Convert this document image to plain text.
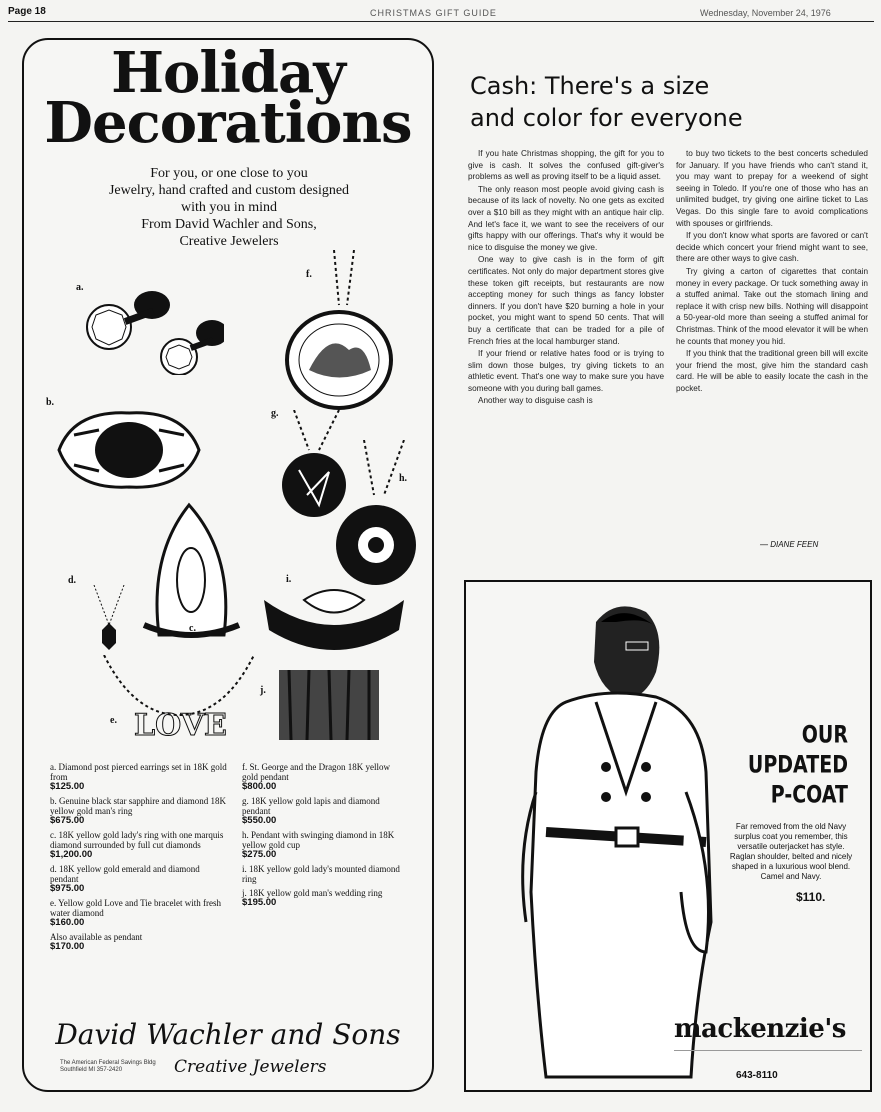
Page 18	CHRISTMAS GIFT GUIDE	Wednesday, November 24, 1976
Holiday
Decorations
For you, or one close to you
Jewelry, hand crafted and custom designed
with you in mind
From David Wachler and Sons,
Creative Jewelers
LOVE
a.
b.
c.
d.
e.
f.
g.
h.
i.
j.
a. Diamond post pierced earrings set in 18K gold from
$125.00
b. Genuine black star sapphire and diamond 18K yellow gold man's ring
$675.00
c. 18K yellow gold lady's ring with one marquis diamond surrounded by full cut diamonds
$1,200.00
d. 18K yellow gold emerald and diamond pendant
$975.00
e. Yellow gold Love and Tie bracelet with fresh water diamond
$160.00
Also available as pendant
$170.00
f. St. George and the Dragon 18K yellow gold pendant
$800.00
g. 18K yellow gold lapis and diamond pendant
$550.00
h. Pendant with swinging diamond in 18K yellow gold cup
$275.00
i. 18K yellow gold lady's mounted diamond ring
j. 18K yellow gold man's wedding ring
$195.00
David Wachler and Sons
Creative Jewelers
The American Federal Savings Bldg Southfield MI 357-2420
Cash: There's a size
and color for everyone

If you hate Christmas shopping, the gift for you to give is cash. It solves the confused gift-giver's problems as well as proving itself to be a liquid asset.

The only reason most people avoid giving cash is because of its lack of novelty. No one gets as excited over a $10 bill as they might with an antique hair clip. And let's face it, we want to see the receivers of our gifts happy with our offerings. That's why it would be nice to disguise the money we give.

One way to give cash is in the form of gift certificates. Not only do major department stores give these token gift receipts, but restaurants are now accepting money for such things as fancy lobster dinners. If you don't have $20 burning a hole in your pocket, you might want to spend 50 cents. That will buy a certificate that can be traded for a pile of French fries at the local hamburger stand.

If your friend or relative hates food or is trying to slim down those bulges, try giving tickets to an athletic event. That's one way to make sure you have someone with you during ball games.

Another way to disguise cash is

to buy two tickets to the best concerts scheduled for January. If you have friends who can't stand it, you may want to prepay for a weekend of sight seeing in Toledo. If you're one of those who has an unlimited budget, try giving one airline ticket to Las Vegas. Do this single fare to avoid complications with spouses or girlfriends.

If you don't know what sports are favored or can't decide which concert your friend might want to see, there are other ways to give cash.

Try giving a carton of cigarettes that contain money in every package. Or tuck something away in a stuffed animal. Take out the stomach lining and replace it with crisp new bills. Nothing will disappoint a 50-year-old more than seeing a stuffed animal for Christmas. Think of the mood elevator it will be when he counts that money you hid.

If you think that the traditional green bill will excite your friend the most, give him the standard cash card. He will be able to easily locate the cash in the pocket.

— DIANE FEEN
OUR UPDATED
P-COAT
Far removed from the old Navy surplus coat you remember, this versatile outerjacket has style. Raglan shoulder, belted and nicely shaped in a luxurious wool blend. Camel and Navy.
$110.
mackenzie's
643-8110
